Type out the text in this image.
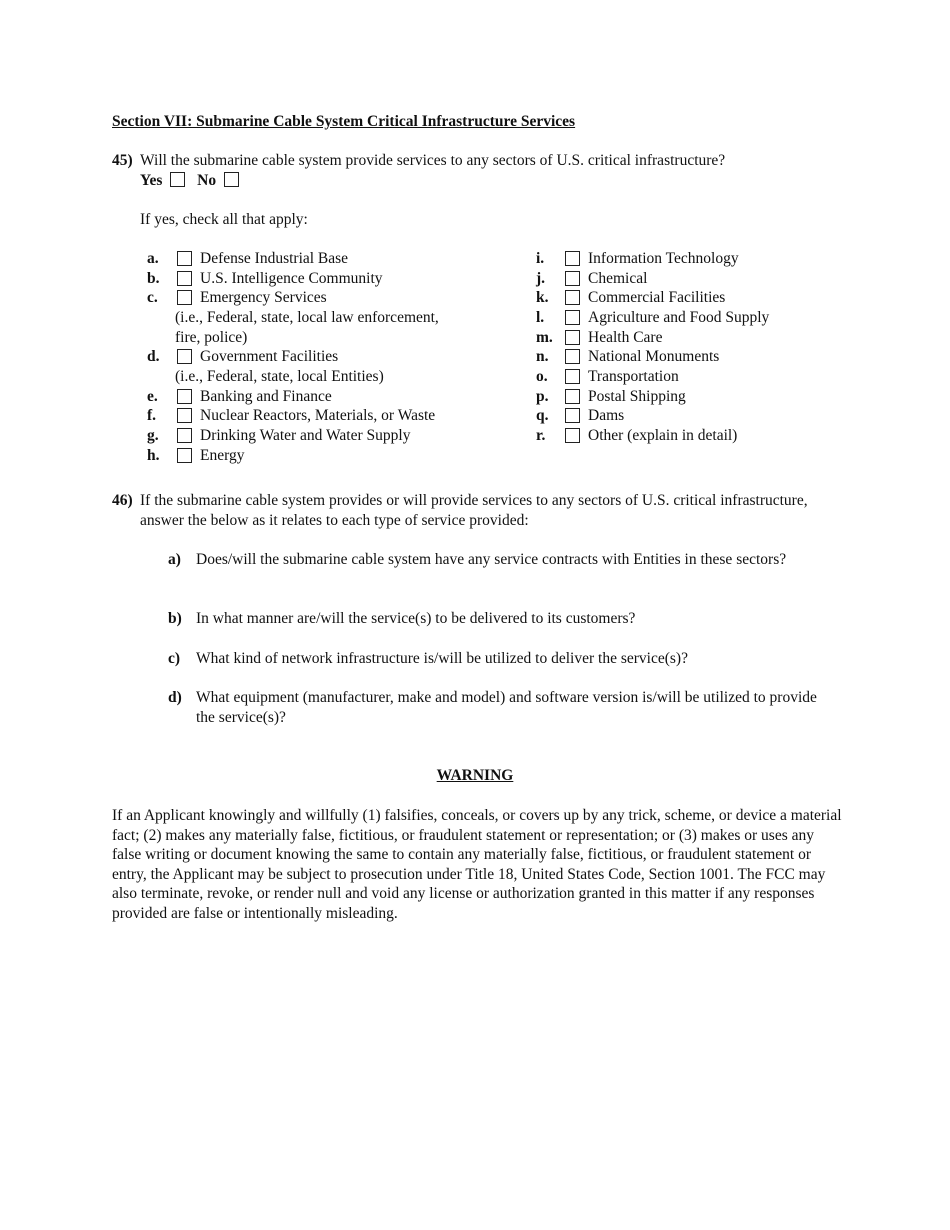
Section VII: Submarine Cable System Critical Infrastructure Services
45) Will the submarine cable system provide services to any sectors of U.S. critical infrastructure?
Yes No
If yes, check all that apply:
a.	Defense Industrial Base
b.	U.S. Intelligence Community
c.	Emergency Services
(i.e., Federal, state, local law enforcement,
fire, police)
d.	Government Facilities
(i.e., Federal, state, local Entities)
e.	Banking and Finance
f.	Nuclear Reactors, Materials, or Waste
g.	Drinking Water and Water Supply
h.	Energy
i.	Information Technology
j.	Chemical
k.	Commercial Facilities
l.	Agriculture and Food Supply
m. Health Care
n.	National Monuments
o.	Transportation
p.	Postal Shipping
q.	Dams
r.	Other (explain in detail)
46) If the submarine cable system provides or will provide services to any sectors of U.S. critical infrastructure, answer the below as it relates to each type of service provided:
a) Does/will the submarine cable system have any service contracts with Entities in these sectors?
b) In what manner are/will the service(s) to be delivered to its customers?
c) What kind of network infrastructure is/will be utilized to deliver the service(s)?
d) What equipment (manufacturer, make and model) and software version is/will be utilized to provide the service(s)?
WARNING
If an Applicant knowingly and willfully (1) falsifies, conceals, or covers up by any trick, scheme, or device a material fact; (2) makes any materially false, fictitious, or fraudulent statement or representation; or (3) makes or uses any false writing or document knowing the same to contain any materially false, fictitious, or fraudulent statement or entry, the Applicant may be subject to prosecution under Title 18, United States Code, Section 1001. The FCC may also terminate, revoke, or render null and void any license or authorization granted in this matter if any responses provided are false or intentionally misleading.
